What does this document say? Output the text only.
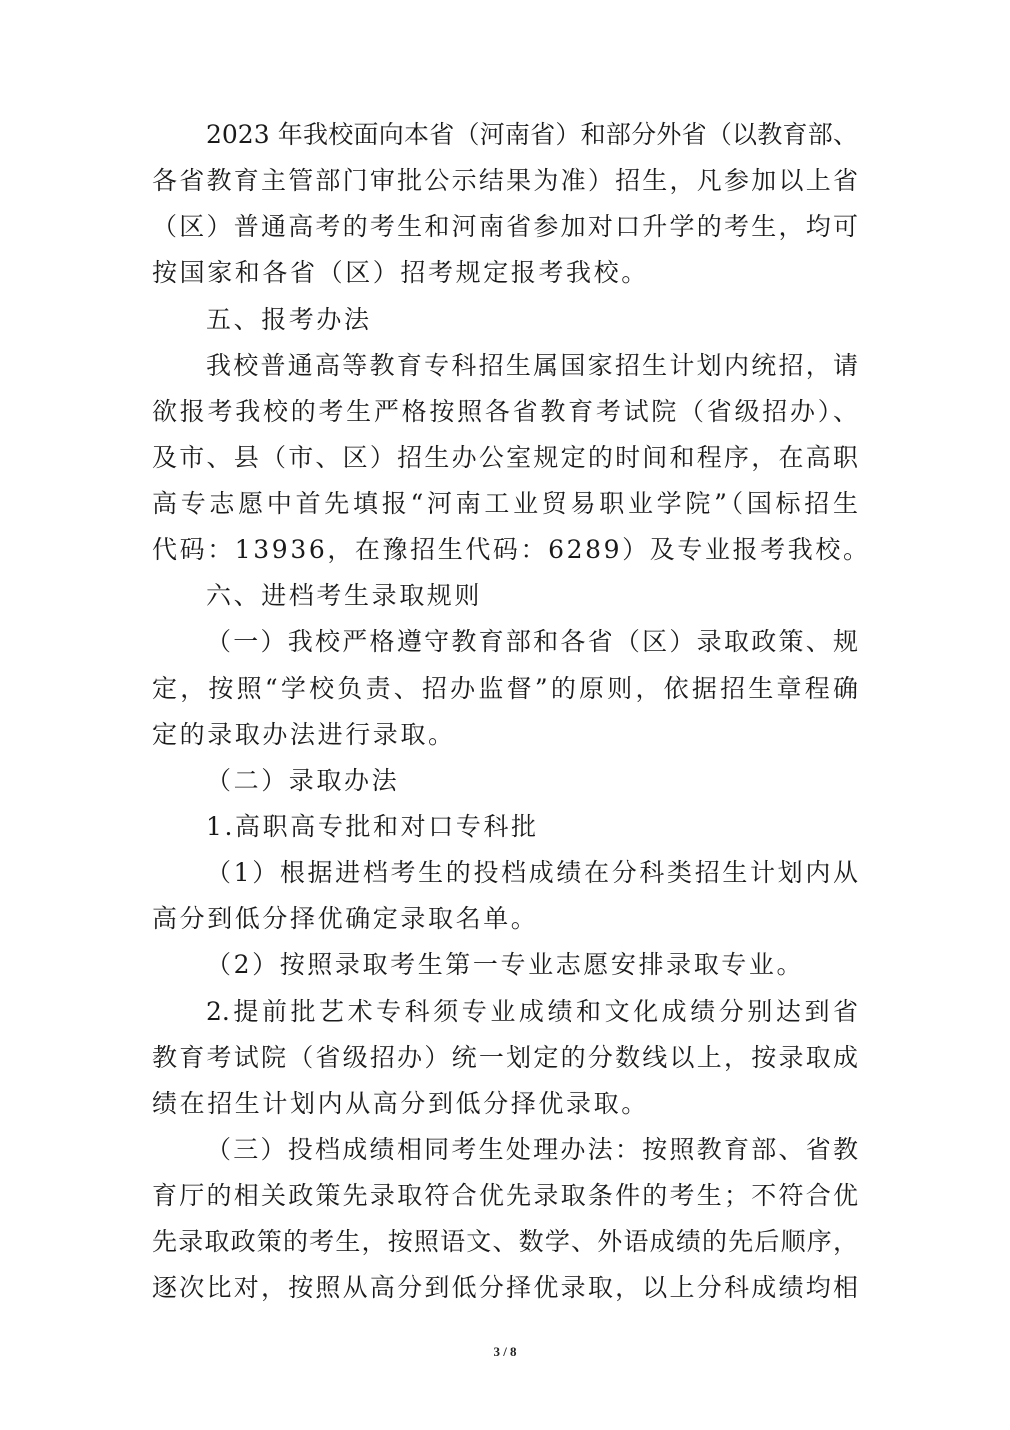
2023 年我校面向本省（河南省）和部分外省（以教育部、
各省教育主管部门审批公示结果为准）招生，凡参加以上省
（区）普通高考的考生和河南省参加对口升学的考生，均可
按国家和各省（区）招考规定报考我校。
五、报考办法
我校普通高等教育专科招生属国家招生计划内统招，请
欲报考我校的考生严格按照各省教育考试院（省级招办）、
及市、县（市、区）招生办公室规定的时间和程序，在高职
高专志愿中首先填报“河南工业贸易职业学院”（国标招生
代码：13936，在豫招生代码：6289）及专业报考我校。
六、进档考生录取规则
（一）我校严格遵守教育部和各省（区）录取政策、规
定，按照“学校负责、招办监督”的原则，依据招生章程确
定的录取办法进行录取。
（二）录取办法
1.高职高专批和对口专科批
（1）根据进档考生的投档成绩在分科类招生计划内从
高分到低分择优确定录取名单。
（2）按照录取考生第一专业志愿安排录取专业。
2.提前批艺术专科须专业成绩和文化成绩分别达到省
教育考试院（省级招办）统一划定的分数线以上，按录取成
绩在招生计划内从高分到低分择优录取。
（三）投档成绩相同考生处理办法：按照教育部、省教
育厅的相关政策先录取符合优先录取条件的考生；不符合优
先录取政策的考生，按照语文、数学、外语成绩的先后顺序，
逐次比对，按照从高分到低分择优录取，以上分科成绩均相
3 / 8
